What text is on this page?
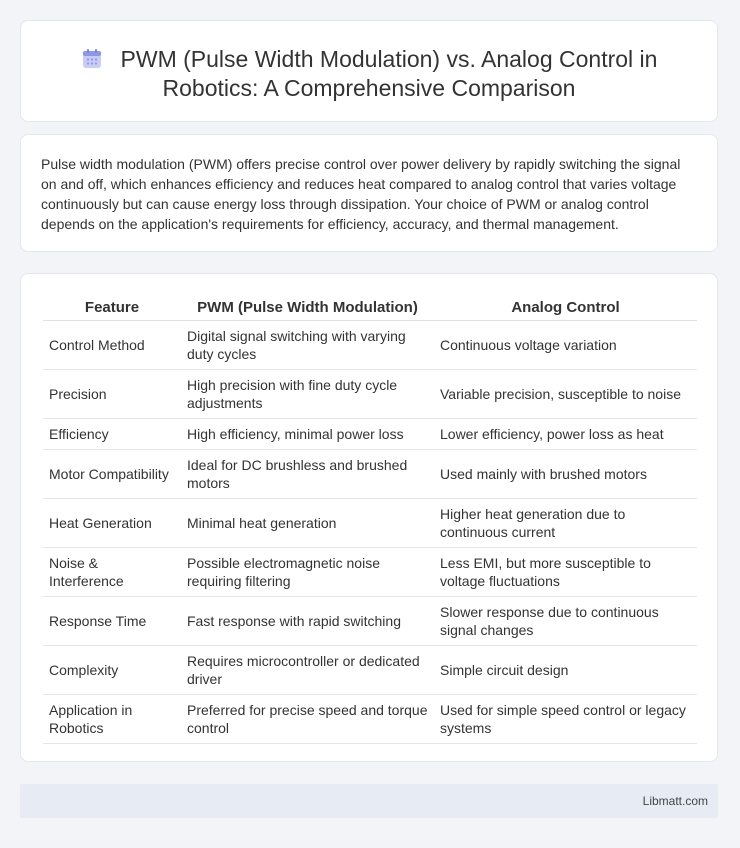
PWM (Pulse Width Modulation) vs. Analog Control in
Robotics: A Comprehensive Comparison
Pulse width modulation (PWM) offers precise control over power delivery by rapidly switching the signal on and off, which enhances efficiency and reduces heat compared to analog control that varies voltage continuously but can cause energy loss through dissipation. Your choice of PWM or analog control depends on the application's requirements for efficiency, accuracy, and thermal management.
Feature	PWM (Pulse Width Modulation)	Analog Control
Control Method	Digital signal switching with varying duty cycles	Continuous voltage variation
Precision	High precision with fine duty cycle adjustments	Variable precision, susceptible to noise
Efficiency	High efficiency, minimal power loss	Lower efficiency, power loss as heat
Motor Compatibility	Ideal for DC brushless and brushed motors	Used mainly with brushed motors
Heat Generation	Minimal heat generation	Higher heat generation due to continuous current
Noise & Interference	Possible electromagnetic noise requiring filtering	Less EMI, but more susceptible to voltage fluctuations
Response Time	Fast response with rapid switching	Slower response due to continuous signal changes
Complexity	Requires microcontroller or dedicated driver	Simple circuit design
Application in Robotics	Preferred for precise speed and torque control	Used for simple speed control or legacy systems
Libmatt.com
